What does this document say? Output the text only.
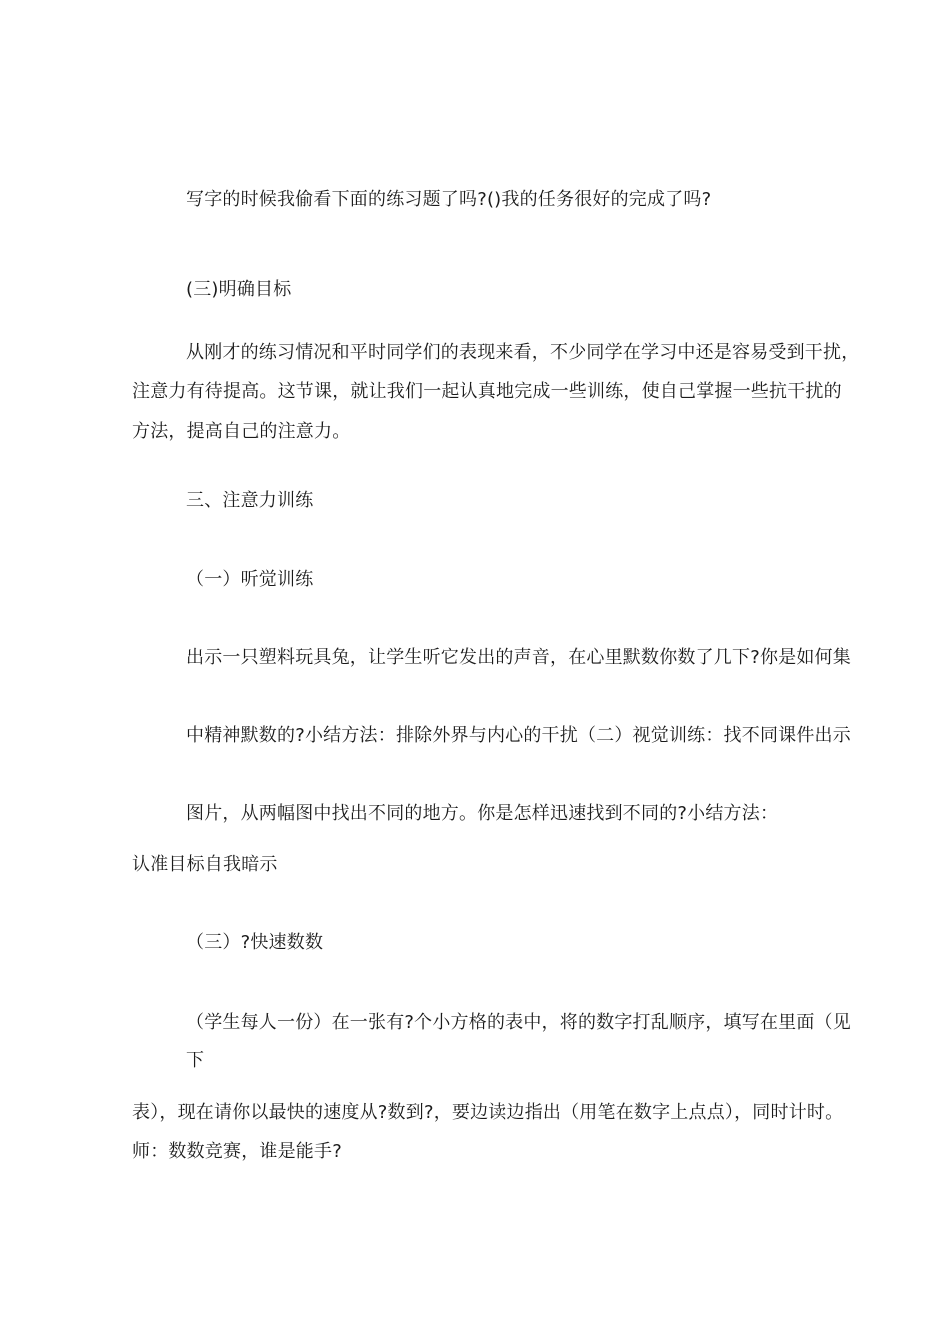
写字的时候我偷看下面的练习题了吗?()我的任务很好的完成了吗?
(三)明确目标
从刚才的练习情况和平时同学们的表现来看，不少同学在学习中还是容易受到干扰，
注意力有待提高。这节课，就让我们一起认真地完成一些训练，使自己掌握一些抗干扰的
方法，提高自己的注意力。
三、注意力训练
（一）听觉训练
出示一只塑料玩具兔，让学生听它发出的声音，在心里默数你数了几下?你是如何集
中精神默数的?小结方法：排除外界与内心的干扰（二）视觉训练：找不同课件出示
图片，从两幅图中找出不同的地方。你是怎样迅速找到不同的?小结方法：
认准目标自我暗示
（三）?快速数数
（学生每人一份）在一张有?个小方格的表中，将的数字打乱顺序，填写在里面（见
下
表），现在请你以最快的速度从?数到?，要边读边指出（用笔在数字上点点），同时计时。
师：数数竞赛，谁是能手?
